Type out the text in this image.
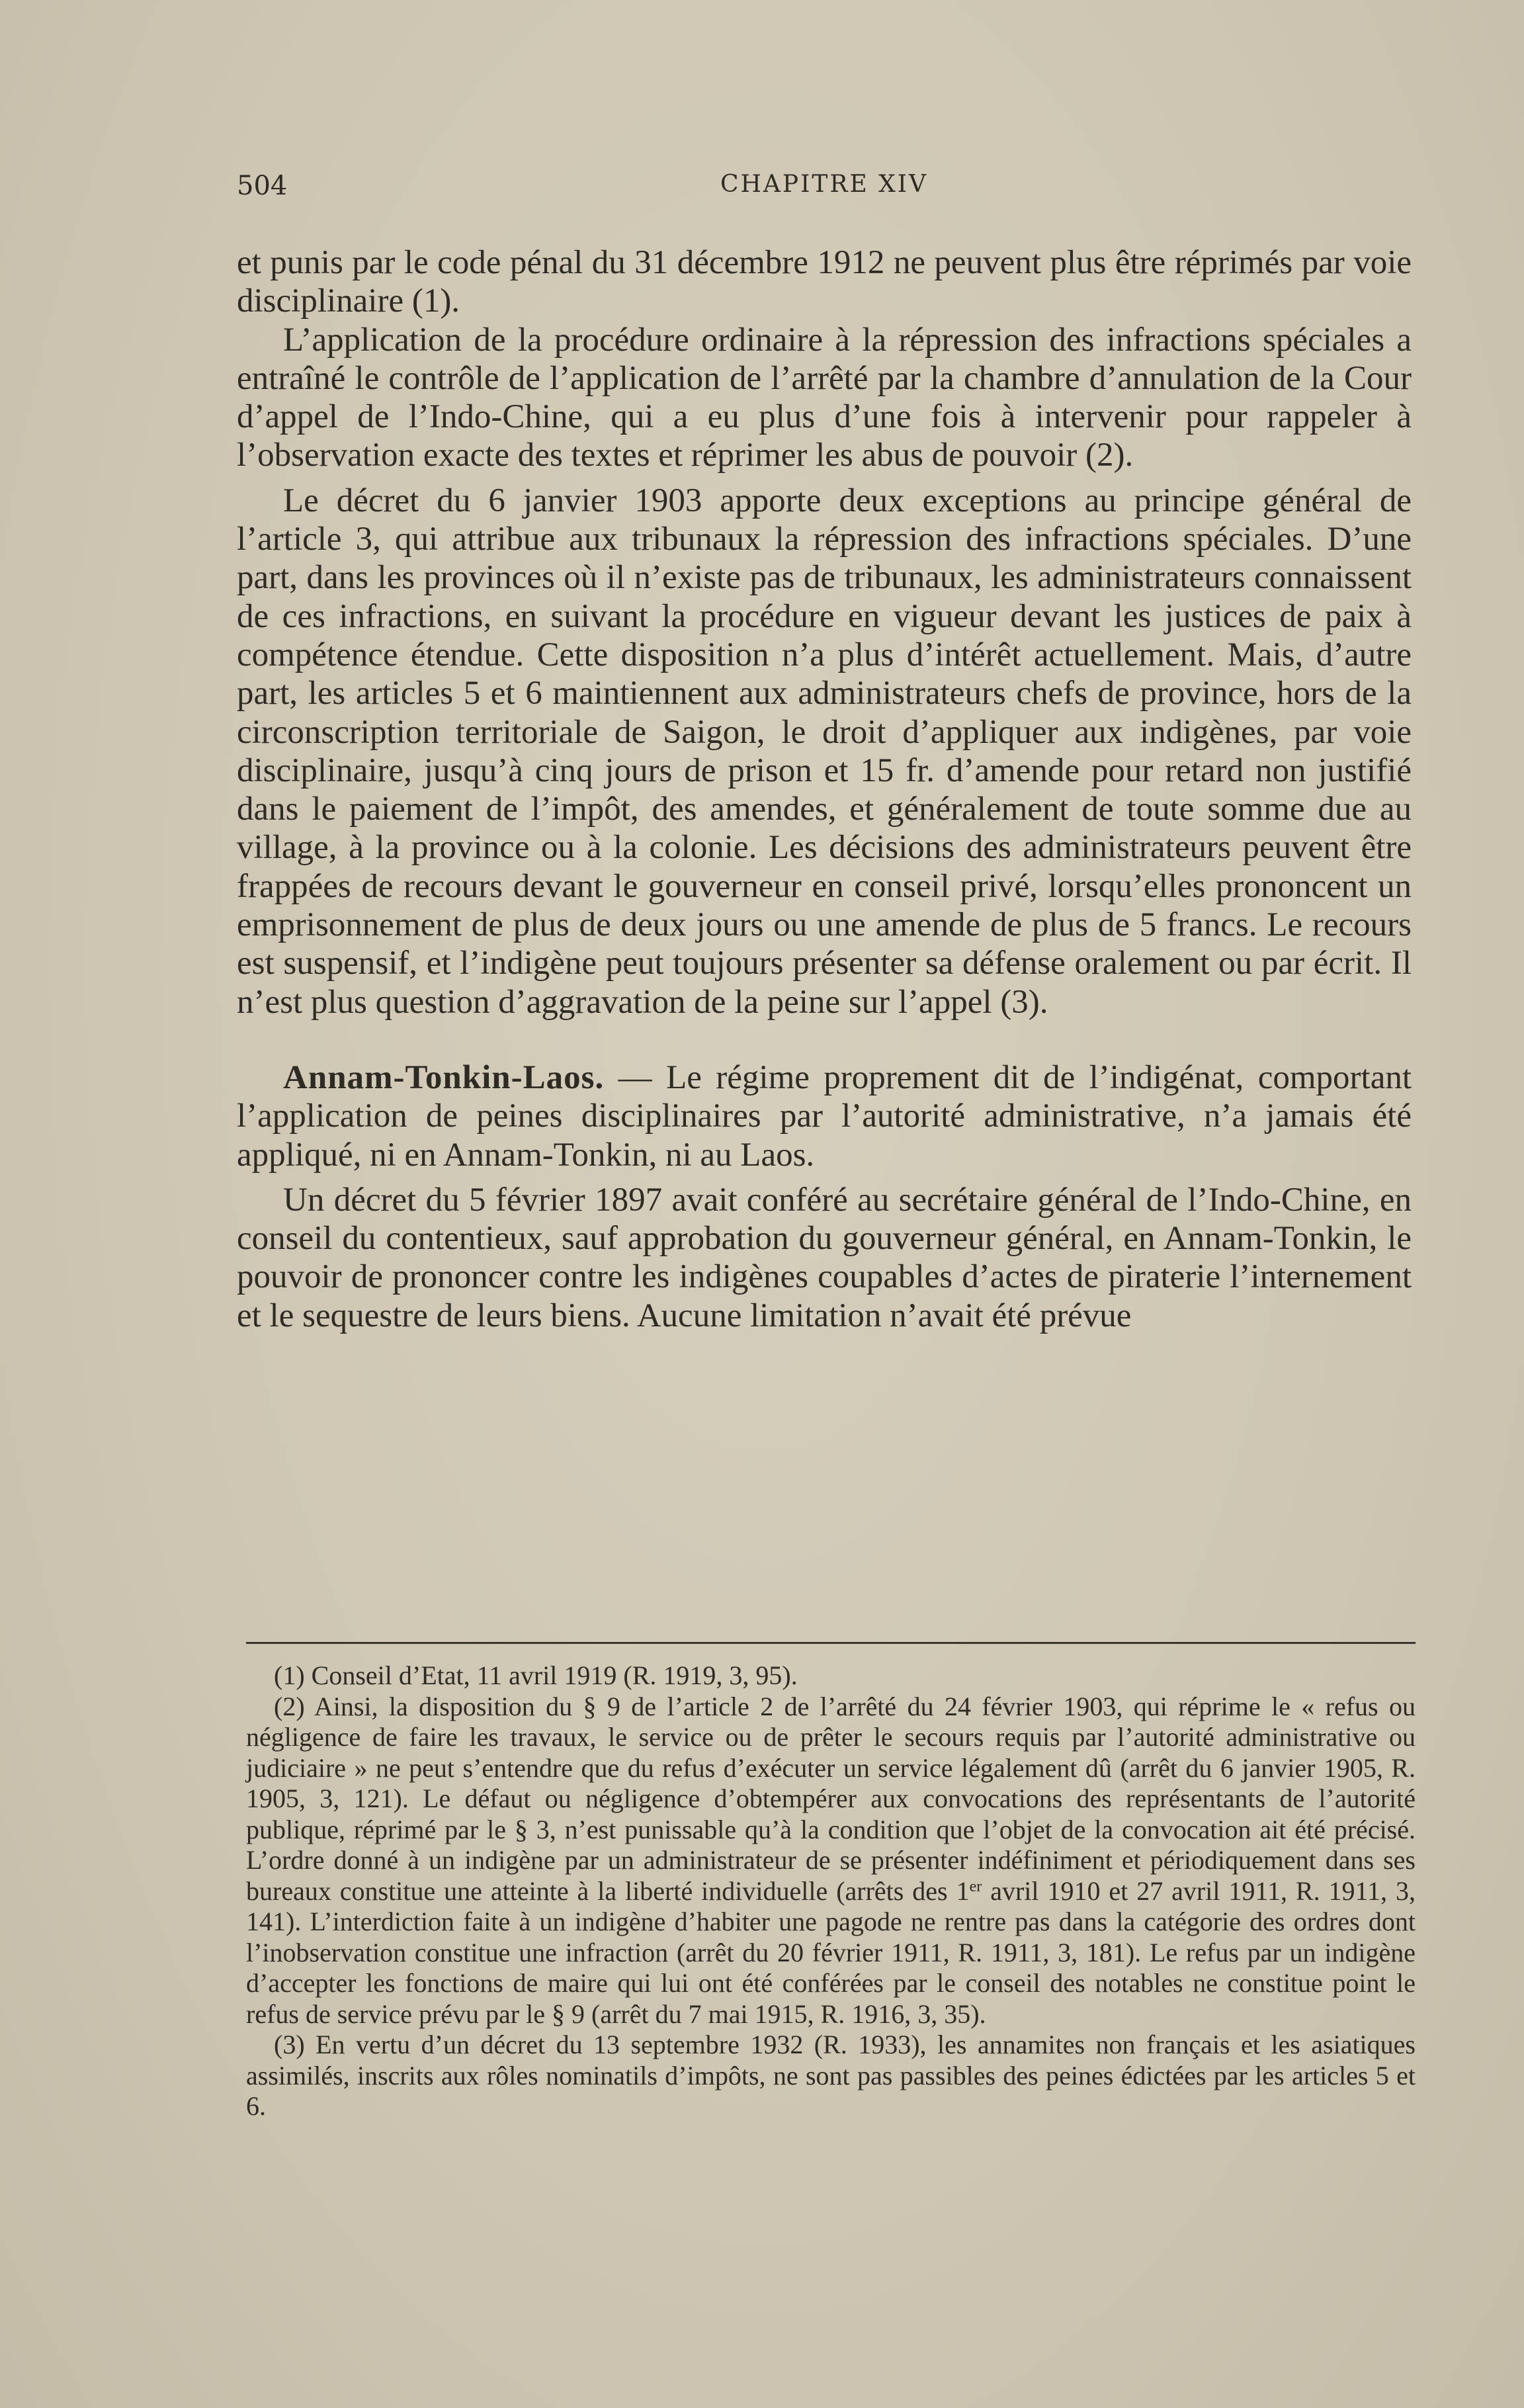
504	CHAPITRE XIV

et punis par le code pénal du 31 décembre 1912 ne peuvent plus être réprimés par voie disciplinaire (1).

L’application de la procédure ordinaire à la répression des infractions spéciales a entraîné le contrôle de l’application de l’arrêté par la chambre d’annulation de la Cour d’appel de l’Indo-Chine, qui a eu plus d’une fois à intervenir pour rappeler à l’observation exacte des textes et réprimer les abus de pouvoir (2).

Le décret du 6 janvier 1903 apporte deux exceptions au principe général de l’article 3, qui attribue aux tribunaux la répression des infractions spéciales. D’une part, dans les provinces où il n’existe pas de tribunaux, les administrateurs connaissent de ces infractions, en suivant la procédure en vigueur devant les justices de paix à compétence étendue. Cette disposition n’a plus d’intérêt actuellement. Mais, d’autre part, les articles 5 et 6 maintiennent aux administrateurs chefs de province, hors de la circonscription territoriale de Saigon, le droit d’appliquer aux indigènes, par voie disciplinaire, jusqu’à cinq jours de prison et 15 fr. d’amende pour retard non justifié dans le paiement de l’impôt, des amendes, et généralement de toute somme due au village, à la province ou à la colonie. Les décisions des administrateurs peuvent être frappées de recours devant le gouverneur en conseil privé, lorsqu’elles prononcent un emprisonnement de plus de deux jours ou une amende de plus de 5 francs. Le recours est suspensif, et l’indigène peut toujours présenter sa défense oralement ou par écrit. Il n’est plus question d’aggravation de la peine sur l’appel (3).

Annam-Tonkin-Laos. — Le régime proprement dit de l’indigénat, comportant l’application de peines disciplinaires par l’autorité administrative, n’a jamais été appliqué, ni en Annam-Tonkin, ni au Laos.

Un décret du 5 février 1897 avait conféré au secrétaire général de l’Indo-Chine, en conseil du contentieux, sauf approbation du gouverneur général, en Annam-Tonkin, le pouvoir de prononcer contre les indigènes coupables d’actes de piraterie l’internement et le sequestre de leurs biens. Aucune limitation n’avait été prévue

(1) Conseil d’Etat, 11 avril 1919 (R. 1919, 3, 95).

(2) Ainsi, la disposition du § 9 de l’article 2 de l’arrêté du 24 février 1903, qui réprime le « refus ou négligence de faire les travaux, le service ou de prêter le secours requis par l’autorité administrative ou judiciaire » ne peut s’entendre que du refus d’exécuter un service légalement dû (arrêt du 6 janvier 1905, R. 1905, 3, 121). Le défaut ou négligence d’obtempérer aux convocations des représentants de l’autorité publique, réprimé par le § 3, n’est punissable qu’à la condition que l’objet de la convocation ait été précisé. L’ordre donné à un indigène par un administrateur de se présenter indéfiniment et périodiquement dans ses bureaux constitue une atteinte à la liberté individuelle (arrêts des 1er avril 1910 et 27 avril 1911, R. 1911, 3, 141). L’interdiction faite à un indigène d’habiter une pagode ne rentre pas dans la catégorie des ordres dont l’inobservation constitue une infraction (arrêt du 20 février 1911, R. 1911, 3, 181). Le refus par un indigène d’accepter les fonctions de maire qui lui ont été conférées par le conseil des notables ne constitue point le refus de service prévu par le § 9 (arrêt du 7 mai 1915, R. 1916, 3, 35).

(3) En vertu d’un décret du 13 septembre 1932 (R. 1933), les annamites non français et les asiatiques assimilés, inscrits aux rôles nominatils d’impôts, ne sont pas passibles des peines édictées par les articles 5 et 6.
